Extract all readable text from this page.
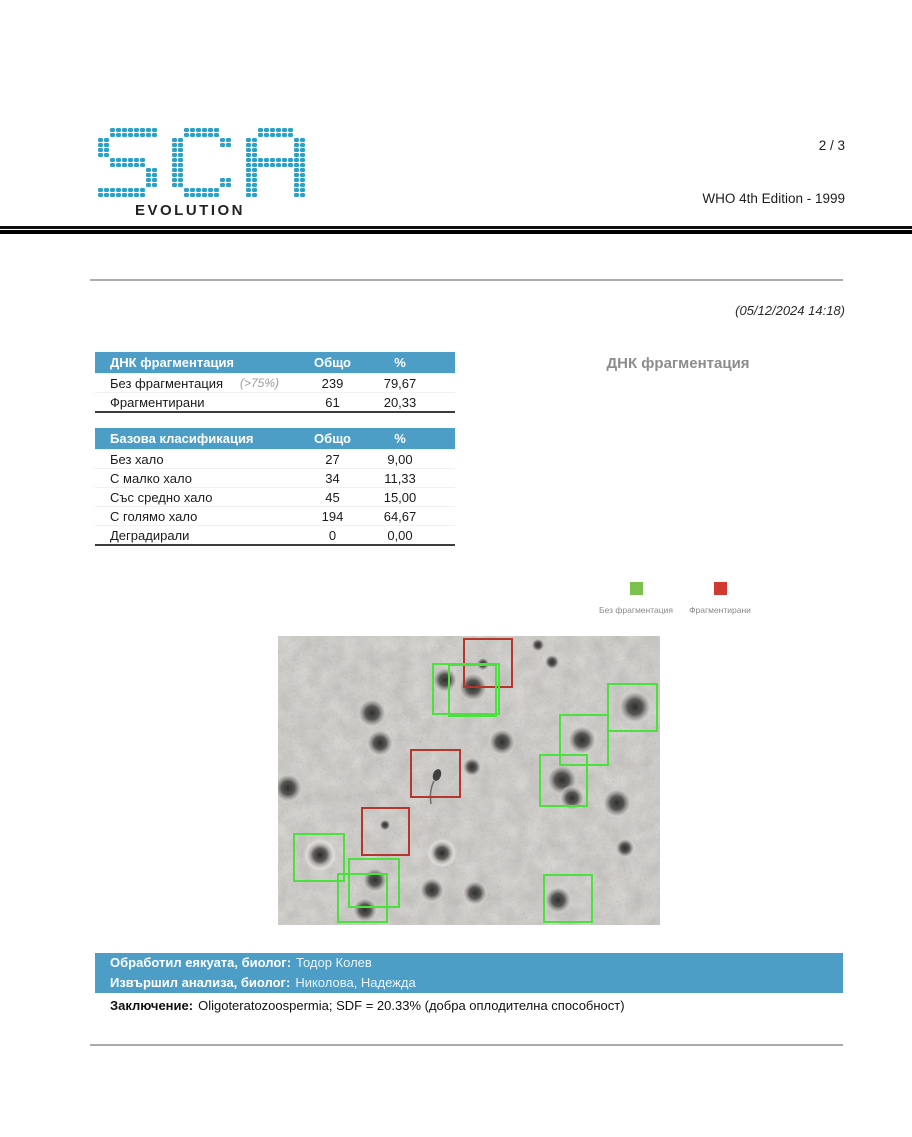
EVOLUTION
2 / 3
WHO 4th Edition - 1999
(05/12/2024 14:18)
ДНК фрагментация	Общо	%
Без фрагментация	(>75%)	239	79,67
Фрагментирани	61	20,33
Базова класификация	Общо	%
Без хало	27	9,00
С малко хало	34	11,33
Със средно хало	45	15,00
С голямо хало	194	64,67
Деградирали	0	0,00
ДНК фрагментация
Без фрагментация	Фрагментирани
Обработил еякуата, биолог: Тодор Колев
Извършил анализа, биолог: Николова, Надежда
Заключение: Oligoteratozoospermia; SDF = 20.33% (добра оплодителна способност)
